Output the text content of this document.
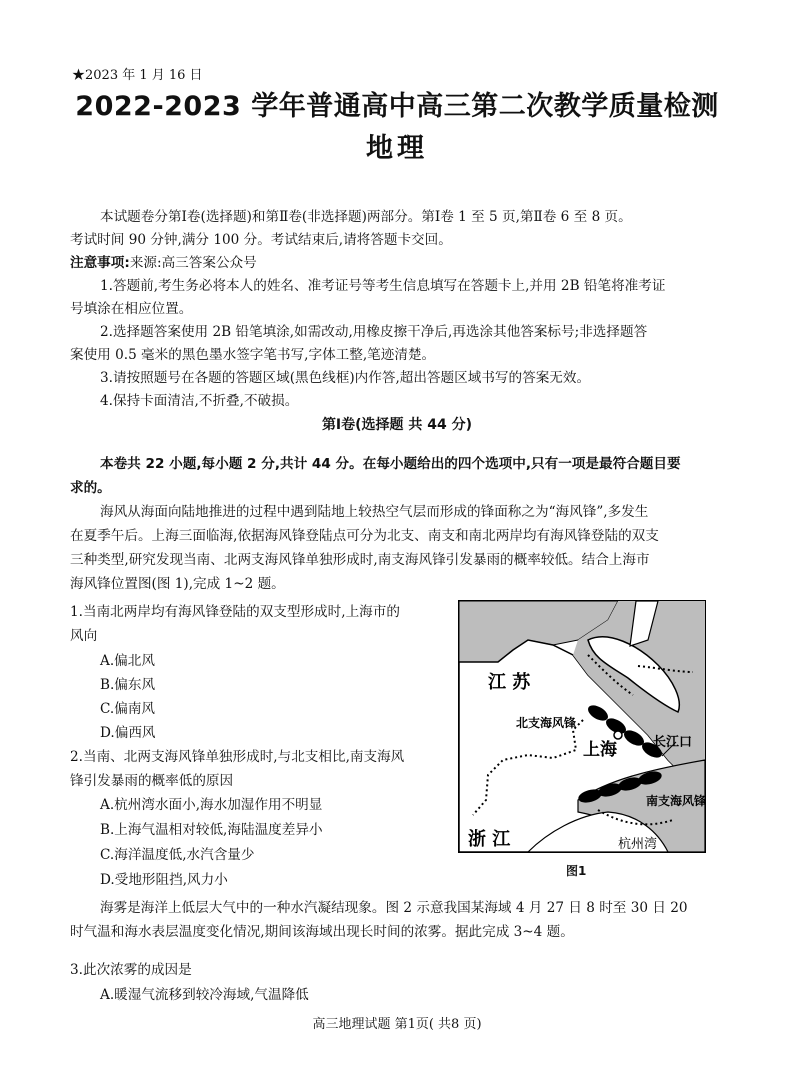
★2023 年 1 月 16 日
2022-2023 学年普通高中高三第二次教学质量检测
地理
本试题卷分第Ⅰ卷(选择题)和第Ⅱ卷(非选择题)两部分。第Ⅰ卷 1 至 5 页,第Ⅱ卷 6 至 8 页。
考试时间 90 分钟,满分 100 分。考试结束后,请将答题卡交回。
注意事项:来源:高三答案公众号
1.答题前,考生务必将本人的姓名、准考证号等考生信息填写在答题卡上,并用 2B 铅笔将准考证
号填涂在相应位置。
2.选择题答案使用 2B 铅笔填涂,如需改动,用橡皮擦干净后,再选涂其他答案标号;非选择题答
案使用 0.5 毫米的黑色墨水签字笔书写,字体工整,笔迹清楚。
3.请按照题号在各题的答题区域(黑色线框)内作答,超出答题区域书写的答案无效。
4.保持卡面清洁,不折叠,不破损。
第Ⅰ卷(选择题 共 44 分)
本卷共 22 小题,每小题 2 分,共计 44 分。在每小题给出的四个选项中,只有一项是最符合题目要
求的。
海风从海面向陆地推进的过程中遇到陆地上较热空气层而形成的锋面称之为“海风锋”,多发生
在夏季午后。上海三面临海,依据海风锋登陆点可分为北支、南支和南北两岸均有海风锋登陆的双支
三种类型,研究发现当南、北两支海风锋单独形成时,南支海风锋引发暴雨的概率较低。结合上海市
海风锋位置图(图 1),完成 1~2 题。
1.当南北两岸均有海风锋登陆的双支型形成时,上海市的
风向
A.偏北风
B.偏东风
C.偏南风
D.偏西风
2.当南、北两支海风锋单独形成时,与北支相比,南支海风
锋引发暴雨的概率低的原因
A.杭州湾水面小,海水加湿作用不明显
B.上海气温相对较低,海陆温度差异小
C.海洋温度低,水汽含量少
D.受地形阻挡,风力小
江 苏
浙 江
上海
北支海风锋
南支海风锋
长江口
杭州湾
图1
海雾是海洋上低层大气中的一种水汽凝结现象。图 2 示意我国某海域 4 月 27 日 8 时至 30 日 20
时气温和海水表层温度变化情况,期间该海域出现长时间的浓雾。据此完成 3~4 题。
3.此次浓雾的成因是
A.暖湿气流移到较冷海域,气温降低
高三地理试题 第1页( 共8 页)
